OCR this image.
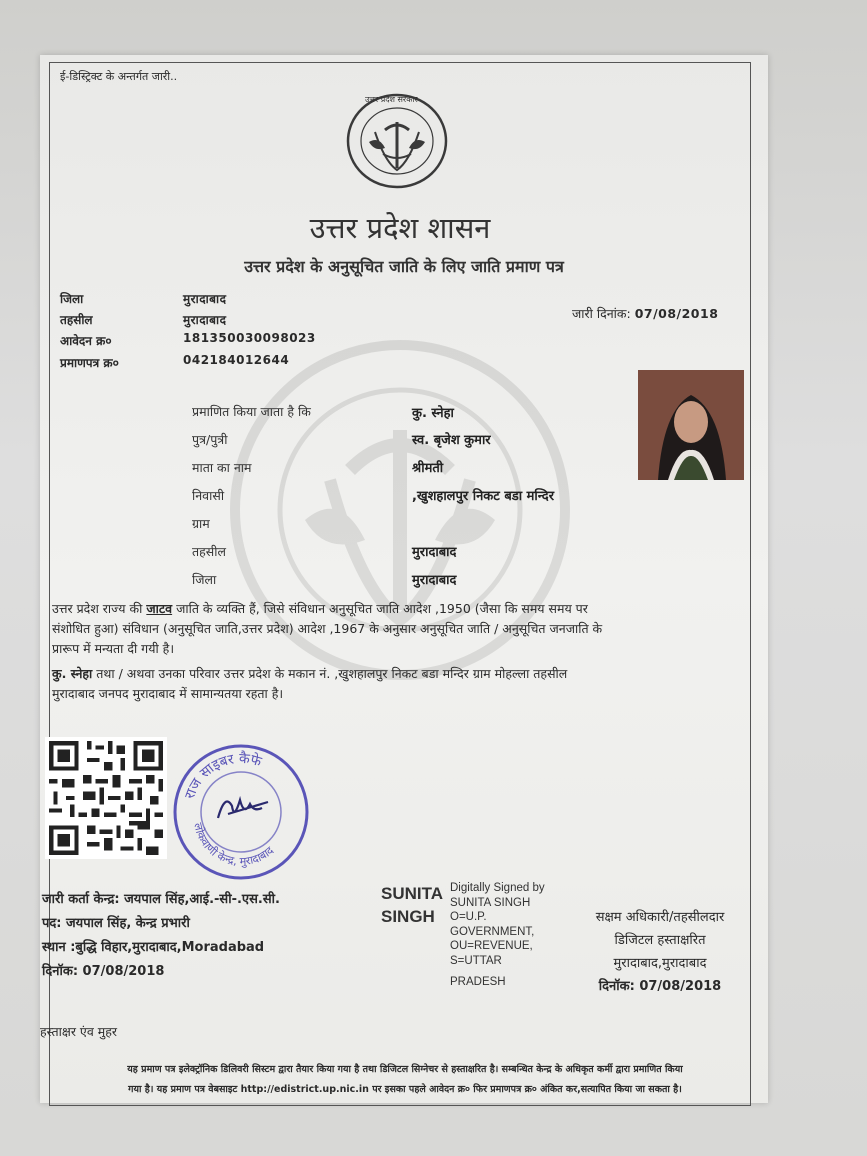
ई-डिस्ट्रिक्ट के अन्तर्गत जारी..
उत्तर प्रदेश सरकार
उत्तर प्रदेश शासन
उत्तर प्रदेश के अनुसूचित जाति के लिए जाति प्रमाण पत्र
जिला	मुरादाबाद
तहसील	मुरादाबाद
आवेदन क्र०	181350030098023
प्रमाणपत्र क्र०	042184012644
जारी दिनांक: 07/08/2018
प्रमाणित किया जाता है कि	कु. स्नेहा
पुत्र/पुत्री	स्व. बृजेश कुमार
माता का नाम	श्रीमती
निवासी	,खुशहालपुर निकट बडा मन्दिर
ग्राम
तहसील	मुरादाबाद
जिला	मुरादाबाद
उत्तर प्रदेश राज्य की जाटव जाति के व्यक्ति हैं, जिसे संविधान अनुसूचित जाति आदेश ,1950 (जैसा कि समय समय पर
संशोधित हुआ) संविधान (अनुसूचित जाति,उत्तर प्रदेश) आदेश ,1967 के अनुसार अनुसूचित जाति / अनुसूचित जनजाति के
प्रारूप में मन्यता दी गयी है।
कु. स्नेहा तथा / अथवा उनका परिवार उत्तर प्रदेश के मकान नं. ,खुशहालपुर निकट बडा मन्दिर ग्राम मोहल्ला तहसील
मुरादाबाद जनपद मुरादाबाद में सामान्यतया रहता है।
राज साइबर कैफे
लोकवाणी केन्द्र, मुरादाबाद
जारी कर्ता केन्द्र: जयपाल सिंह,आई.-सी-.एस.सी.
पद: जयपाल सिंह, केन्द्र प्रभारी
स्थान :बुद्धि विहार,मुरादाबाद,Moradabad
दिनॉक: 07/08/2018
SUNITA
SINGH
Digitally Signed by
SUNITA SINGH
O=U.P.
GOVERNMENT,
OU=REVENUE,
S=UTTAR
PRADESH
सक्षम अधिकारी/तहसीलदार
डिजिटल हस्ताक्षरित
मुरादाबाद,मुरादाबाद
दिनॉक: 07/08/2018
हस्ताक्षर एंव मुहर
यह प्रमाण पत्र इलेक्ट्रॉनिक डिलिवरी सिस्टम द्वारा तैयार किया गया है तथा डिजिटल सिग्नेचर से हस्ताक्षरित है। सम्बन्धित केन्द्र के अधिकृत कर्मी द्वारा प्रमाणित किया
गया है। यह प्रमाण पत्र वेबसाइट http://edistrict.up.nic.in पर इसका पहले आवेदन क्र० फिर प्रमाणपत्र क्र० अंकित कर,सत्यापित किया जा सकता है।
